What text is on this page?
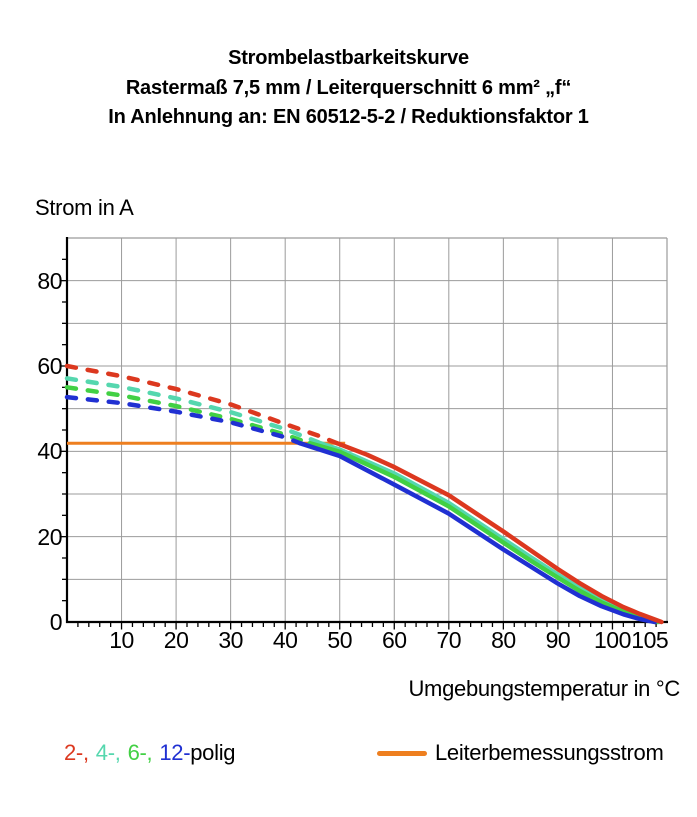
Strombelastbarkeitskurve
Rastermaß 7,5 mm / Leiterquerschnitt 6 mm² „f“
In Anlehnung an: EN 60512-5-2 / Reduktionsfaktor 1
Strom in A
10	20	30	40	50	60	70	80	90	100 105
0
20
40
60
80
Umgebungstemperatur in °C
2-, 4-, 6-, 12-polig	Leiterbemessungsstrom
